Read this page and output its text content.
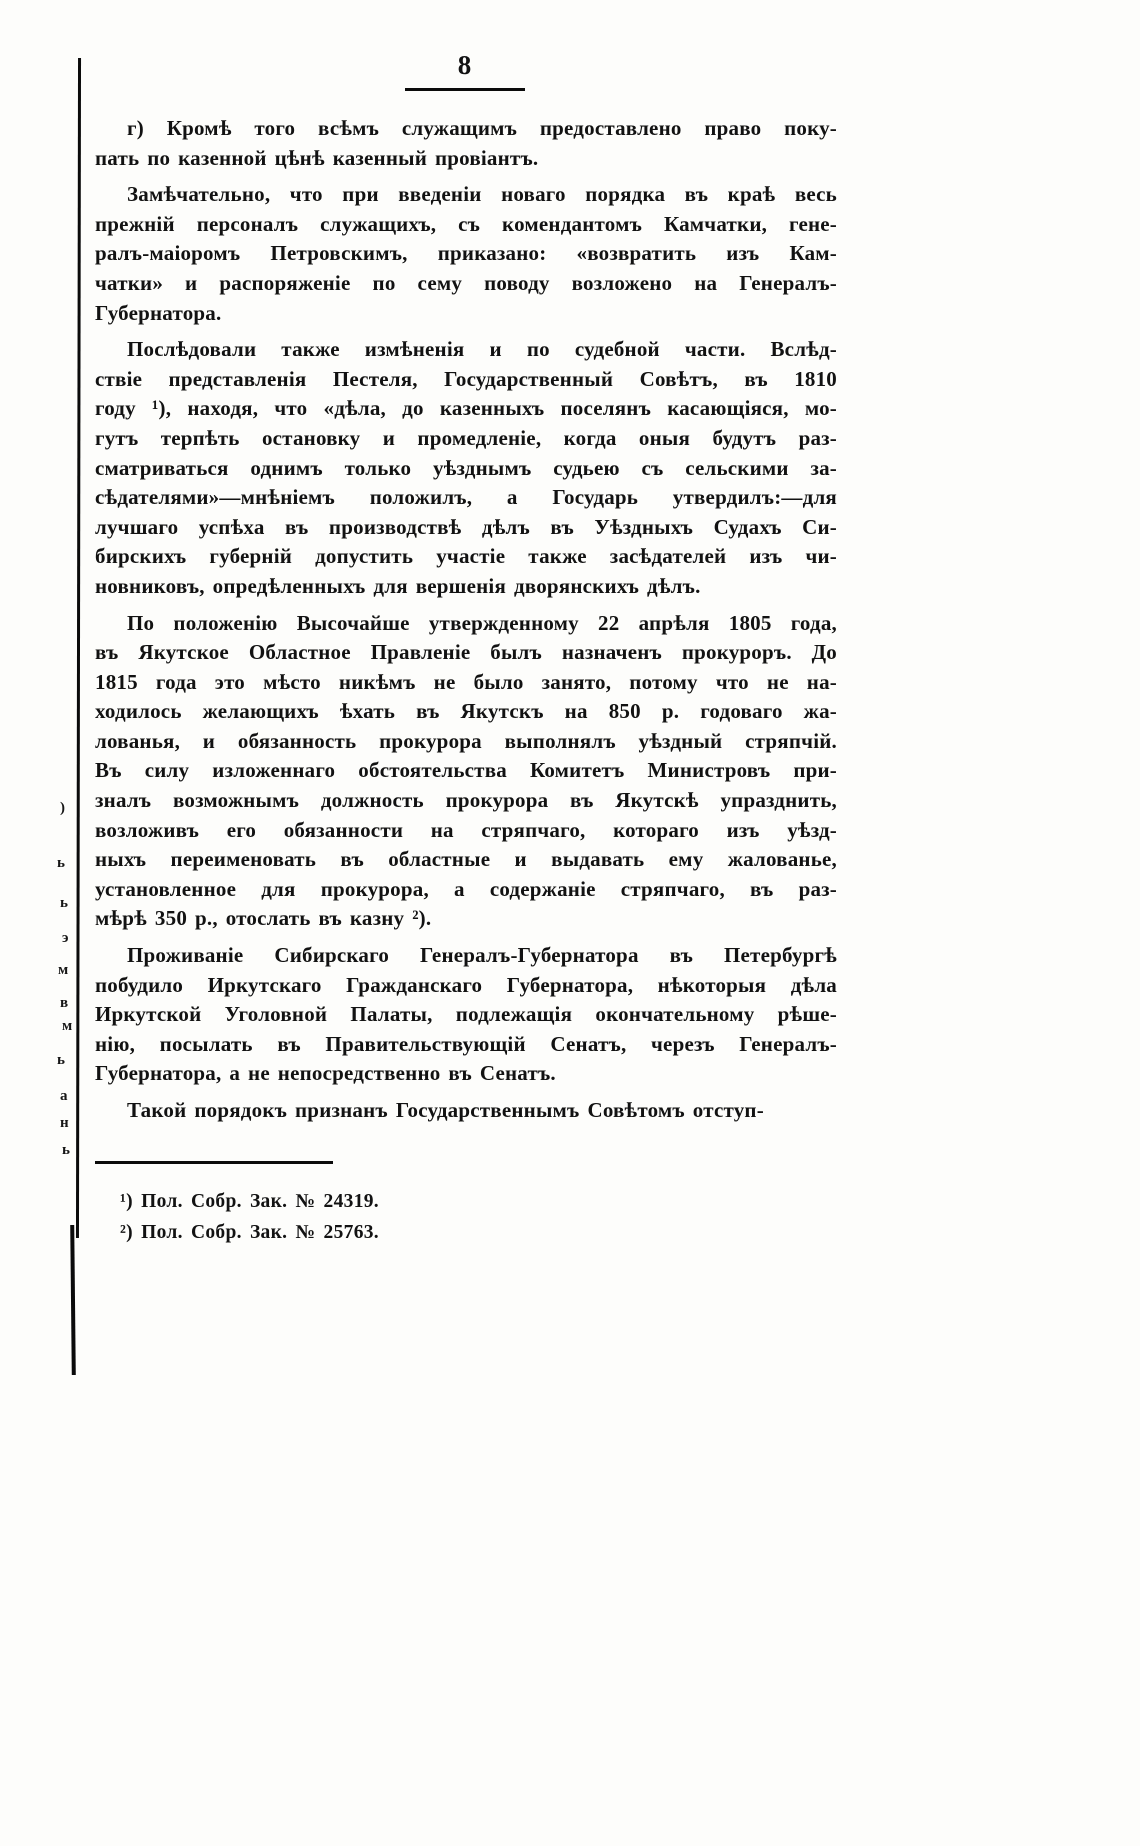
8
г) Кромѣ того всѣмъ служащимъ предоставлено право поку-
пать по казенной цѣнѣ казенный провіантъ.
Замѣчательно, что при введеніи новаго порядка въ краѣ весь
прежній персоналъ служащихъ, съ комендантомъ Камчатки, гене-
ралъ-маіоромъ Петровскимъ, приказано: «возвратить изъ Кам-
чатки» и распоряженіе по сему поводу возложено на Генералъ-
Губернатора.
Послѣдовали также измѣненія и по судебной части. Вслѣд-
ствіе представленія Пестеля, Государственный Совѣтъ, въ 1810
году ¹), находя, что «дѣла, до казенныхъ поселянъ касающіяся, мо-
гутъ терпѣть остановку и промедленіе, когда оныя будутъ раз-
сматриваться однимъ только уѣзднымъ судьею съ сельскими за-
сѣдателями»—мнѣніемъ положилъ, а Государь утвердилъ:—для
лучшаго успѣха въ производствѣ дѣлъ въ Уѣздныхъ Судахъ Си-
бирскихъ губерній допустить участіе также засѣдателей изъ чи-
новниковъ, опредѣленныхъ для вершенія дворянскихъ дѣлъ.
По положенію Высочайше утвержденному 22 апрѣля 1805 года,
въ Якутское Областное Правленіе былъ назначенъ прокуроръ. До
1815 года это мѣсто никѣмъ не было занято, потому что не на-
ходилось желающихъ ѣхать въ Якутскъ на 850 р. годоваго жа-
лованья, и обязанность прокурора выполнялъ уѣздный стряпчій.
Въ силу изложеннаго обстоятельства Комитетъ Министровъ при-
зналъ возможнымъ должность прокурора въ Якутскѣ упразднить,
возложивъ его обязанности на стряпчаго, котораго изъ уѣзд-
ныхъ переименовать въ областные и выдавать ему жалованье,
установленное для прокурора, а содержаніе стряпчаго, въ раз-
мѣрѣ 350 р., отослать въ казну ²).
Проживаніе Сибирскаго Генералъ-Губернатора въ Петербургѣ
побудило Иркутскаго Гражданскаго Губернатора, нѣкоторыя дѣла
Иркутской Уголовной Палаты, подлежащія окончательному рѣше-
нію, посылать въ Правительствующій Сенатъ, черезъ Генералъ-
Губернатора, а не непосредственно въ Сенатъ.
Такой порядокъ признанъ Государственнымъ Совѣтомъ отступ-
¹) Пол. Собр. Зак. № 24319.
²) Пол. Собр. Зак. № 25763.
)
ь
ь
э
м
в
м
ь
а
н
ь
